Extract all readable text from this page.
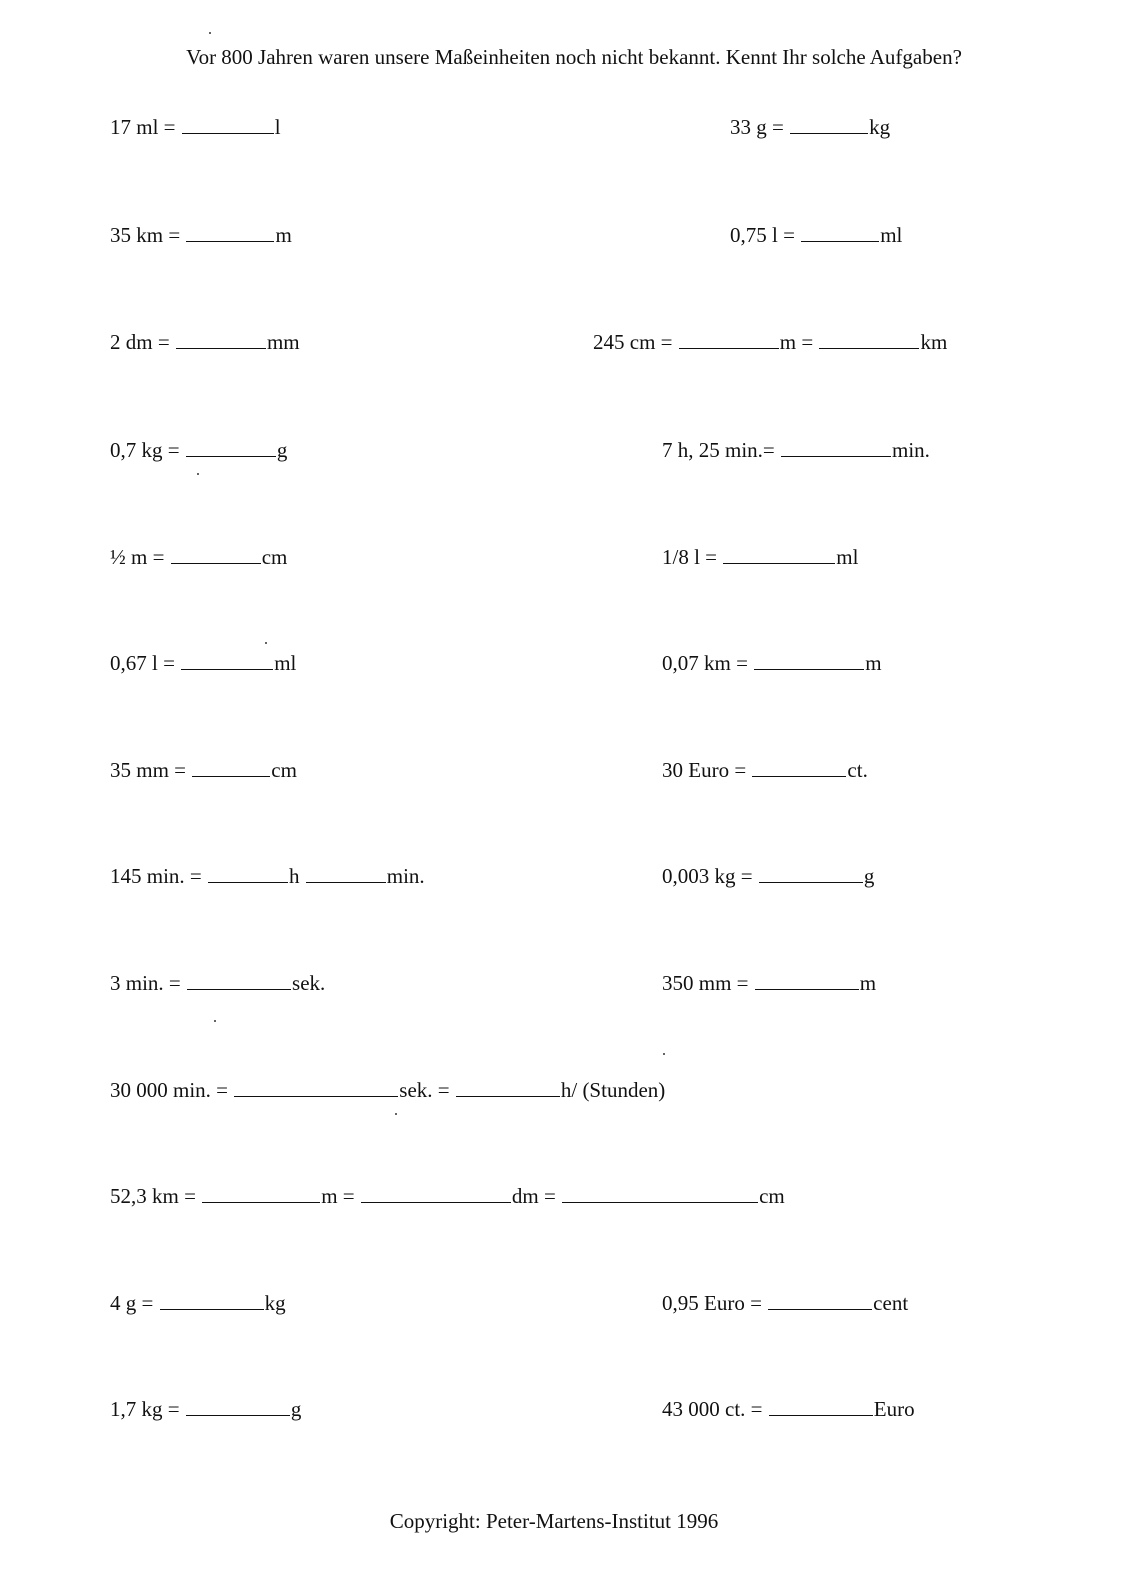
Vor 800 Jahren waren unsere Maßeinheiten noch nicht bekannt. Kennt Ihr solche Aufgaben?
17 ml =	l	33 g =	kg
35 km =	m	0,75 l =	ml
2 dm =	mm	245 cm =	m =	km
0,7 kg =	g	7 h, 25 min.=	min.
½ m =	cm	1/8 l =	ml
0,67 l =	ml	0,07 km =	m
35 mm =	cm	30 Euro =	ct.
145 min. =	h	min.	0,003 kg =	g
3 min. =	sek.	350 mm =	m
30 000 min. =	sek. =	h/ (Stunden)
52,3 km =	m =	dm =	cm
4 g =	kg	0,95 Euro =	cent
1,7 kg =	g	43 000 ct. =	Euro
Copyright: Peter-Martens-Institut 1996
